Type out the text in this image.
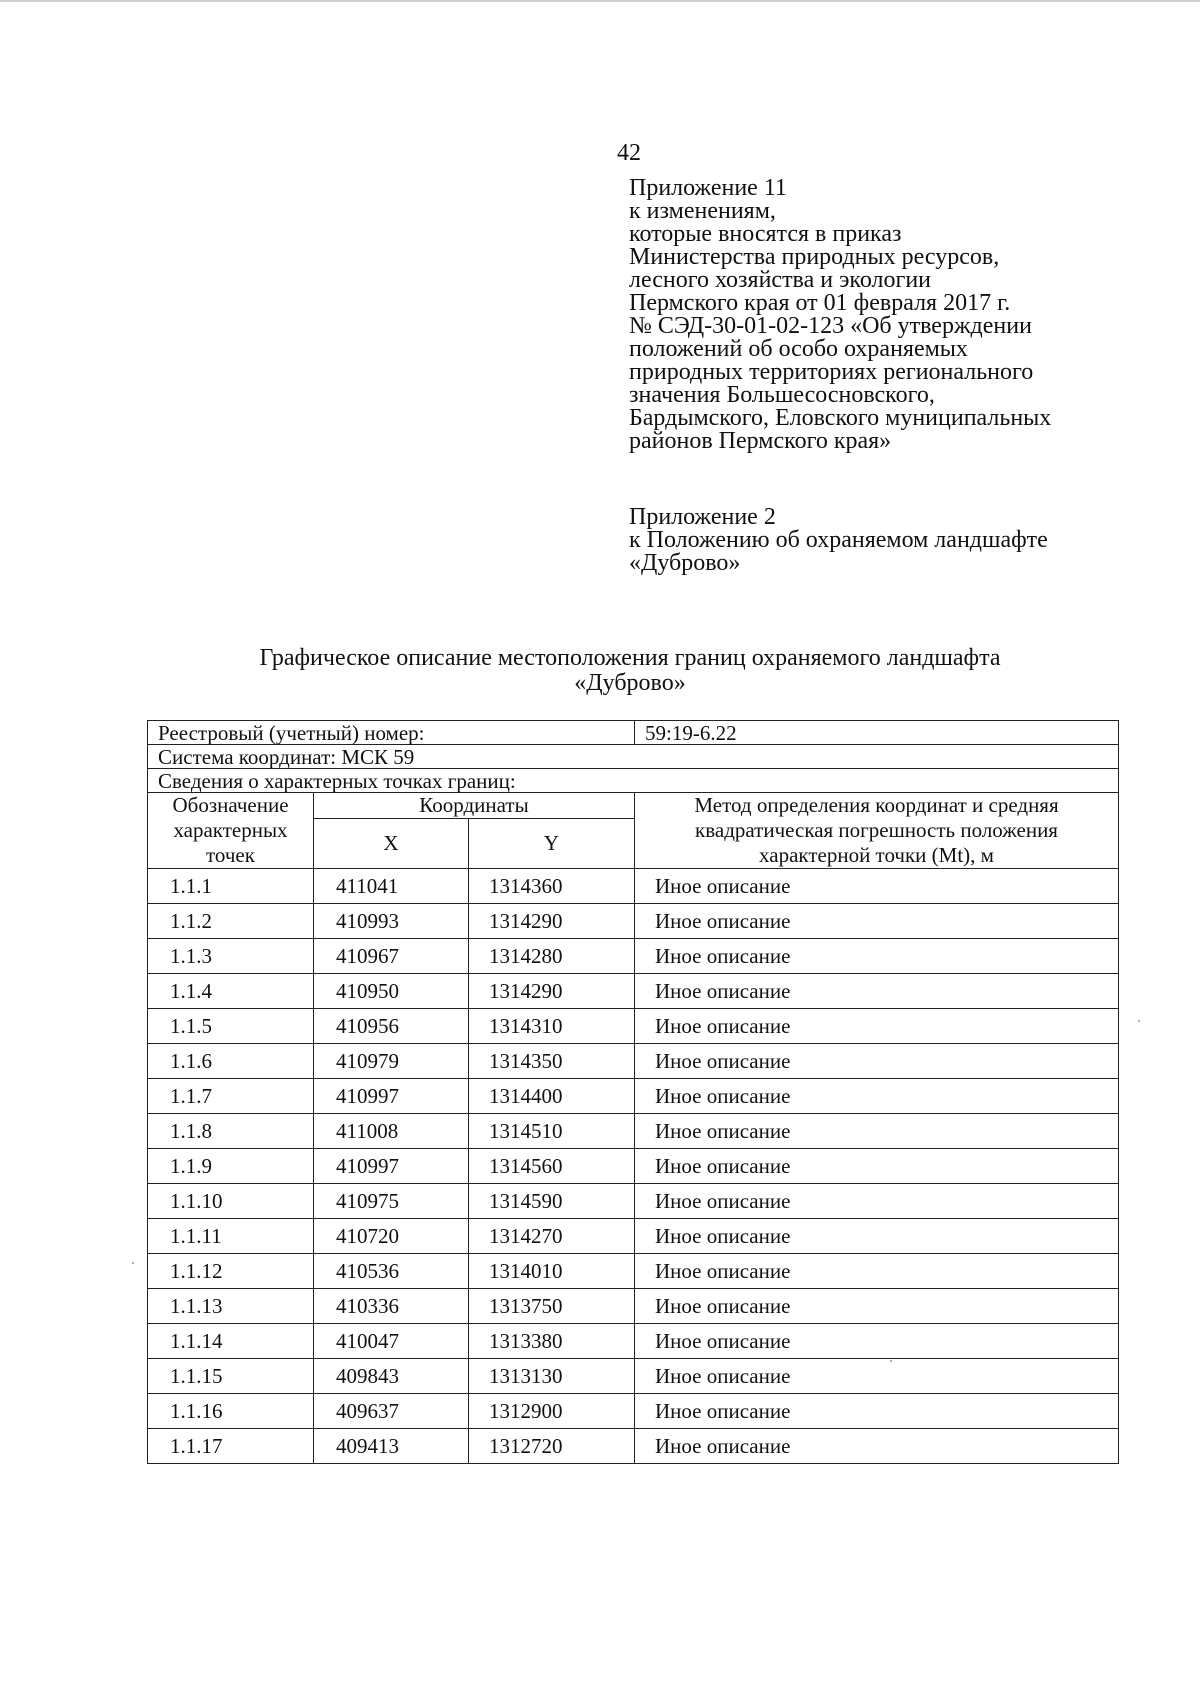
42
Приложение 11
к изменениям,
которые вносятся в приказ
Министерства природных ресурсов,
лесного хозяйства и экологии
Пермского края от 01 февраля 2017 г.
№ СЭД-30-01-02-123 «Об утверждении
положений об особо охраняемых
природных территориях регионального
значения Большесосновского,
Бардымского, Еловского муниципальных
районов Пермского края»
Приложение 2
к Положению об охраняемом ландшафте
«Дуброво»
Графическое описание местоположения границ охраняемого ландшафта
«Дуброво»
Реестровый (учетный) номер:			59:19-6.22
Система координат: МСК 59			
Сведения о характерных точках границ:			
Обозначение характерных точек	Координаты		Метод определения координат и средняя квадратическая погрешность положения характерной точки (Mt), м
	X	Y	
1.1.1	411041	1314360	Иное описание
1.1.2	410993	1314290	Иное описание
1.1.3	410967	1314280	Иное описание
1.1.4	410950	1314290	Иное описание
1.1.5	410956	1314310	Иное описание
1.1.6	410979	1314350	Иное описание
1.1.7	410997	1314400	Иное описание
1.1.8	411008	1314510	Иное описание
1.1.9	410997	1314560	Иное описание
1.1.10	410975	1314590	Иное описание
1.1.11	410720	1314270	Иное описание
1.1.12	410536	1314010	Иное описание
1.1.13	410336	1313750	Иное описание
1.1.14	410047	1313380	Иное описание
1.1.15	409843	1313130	Иное описание
1.1.16	409637	1312900	Иное описание
1.1.17	409413	1312720	Иное описание
